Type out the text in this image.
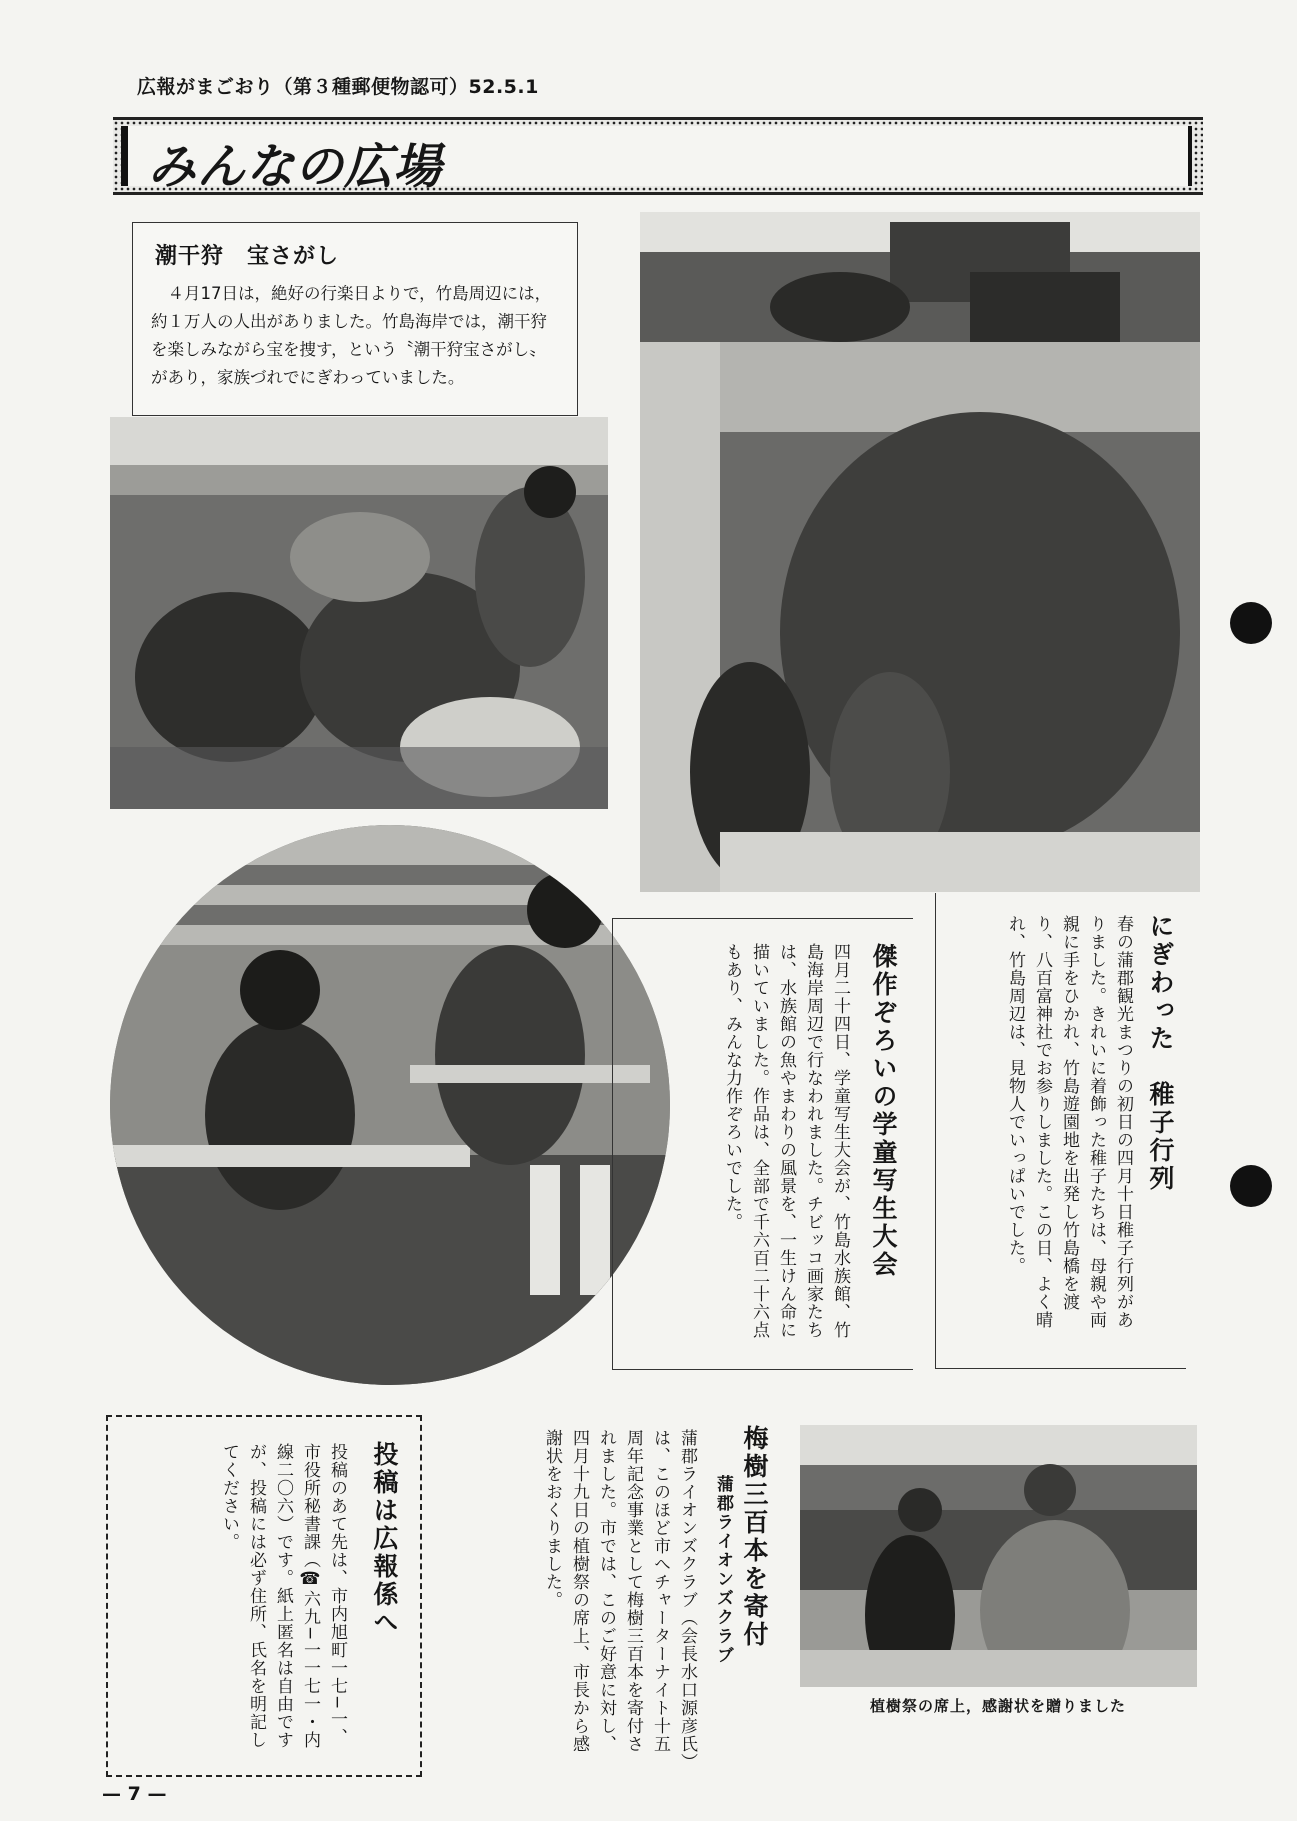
広報がまごおり（第３種郵便物認可）52.5.1
みんなの広場
潮干狩　宝さがし

４月17日は，絶好の行楽日よりで，竹島周辺には，約１万人の人出がありました。竹島海岸では，潮干狩を楽しみながら宝を捜す，という〝潮干狩宝さがし〟があり，家族づれでにぎわっていました。

にぎわった　稚子行列
春の蒲郡観光まつりの初日の四月十日稚子行列がありました。きれいに着飾った稚子たちは、母親や両親に手をひかれ、竹島遊園地を出発し竹島橋を渡り、八百富神社でお参りしました。この日、よく晴れ、竹島周辺は、見物人でいっぱいでした。
傑作ぞろいの学童写生大会
四月二十四日、学童写生大会が、竹島水族館、竹島海岸周辺で行なわれました。チビッコ画家たちは、水族館の魚やまわりの風景を、一生けん命に描いていました。作品は、全部で千六百二十六点もあり、みんな力作ぞろいでした。
投稿は広報係へ
投稿のあて先は、市内旭町一七−一、市役所秘書課（☎六九−一一七一・内線二〇六）です。紙上匿名は自由ですが、投稿には必ず住所、氏名を明記してください。	梅樹三百本を寄付
蒲郡ライオンズクラブ
蒲郡ライオンズクラブ（会長水口源彦氏）は、このほど市へチャーターナイト十五周年記念事業として梅樹三百本を寄付されました。市では、このご好意に対し、四月十九日の植樹祭の席上、市長から感謝状をおくりました。
植樹祭の席上，感謝状を贈りました
— 7 —
